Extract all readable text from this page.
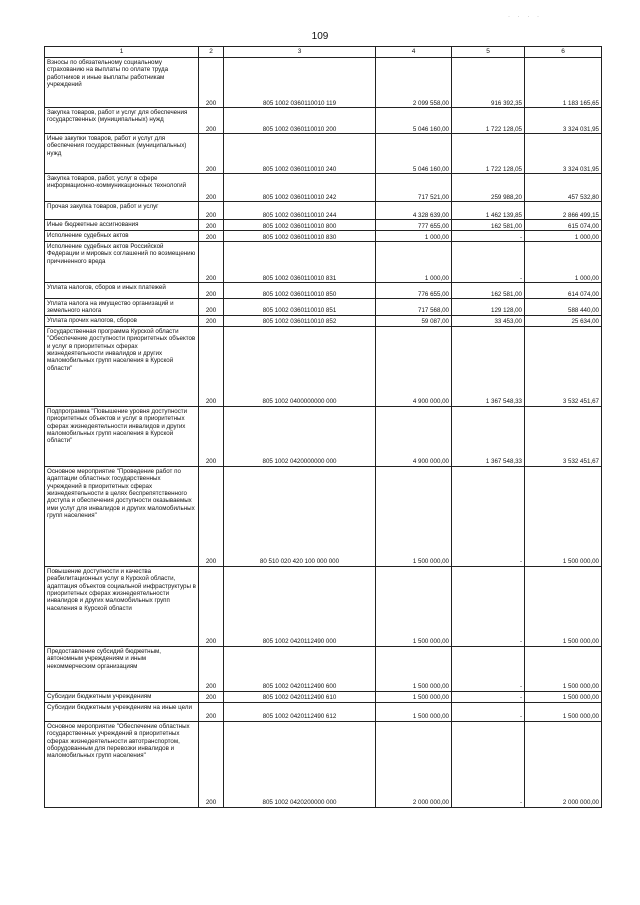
· · · ·
109
1	2	3	4	5	6
Взносы по обязательному социальному страхованию на выплаты по оплате труда работников и иные выплаты работникам учреждений	200	805 1002 0360110010 119	2 099 558,00	916 392,35	1 183 165,65
Закупка товаров, работ и услуг для обеспечения государственных (муниципальных) нужд	200	805 1002 0360110010 200	5 046 160,00	1 722 128,05	3 324 031,95
Иные закупки товаров, работ и услуг для обеспечения государственных (муниципальных) нужд	200	805 1002 0360110010 240	5 046 160,00	1 722 128,05	3 324 031,95
Закупка товаров, работ, услуг в сфере информационно-коммуникационных технологий	200	805 1002 0360110010 242	717 521,00	259 988,20	457 532,80
Прочая закупка товаров, работ и услуг	200	805 1002 0360110010 244	4 328 639,00	1 462 139,85	2 866 499,15
Иные бюджетные ассигнования	200	805 1002 0360110010 800	777 655,00	162 581,00	615 074,00
Исполнение судебных актов	200	805 1002 0360110010 830	1 000,00	-	1 000,00
Исполнение судебных актов Российской Федерации и мировых соглашений по возмещению причиненного вреда	200	805 1002 0360110010 831	1 000,00	-	1 000,00
Уплата налогов, сборов и иных платежей	200	805 1002 0360110010 850	776 655,00	162 581,00	614 074,00
Уплата налога на имущество организаций и земельного налога	200	805 1002 0360110010 851	717 568,00	129 128,00	588 440,00
Уплата прочих налогов, сборов	200	805 1002 0360110010 852	59 087,00	33 453,00	25 634,00
Государственная программа Курской области "Обеспечение доступности приоритетных объектов и услуг в приоритетных сферах жизнедеятельности инвалидов и других маломобильных групп населения в Курской области"	200	805 1002 0400000000 000	4 900 000,00	1 367 548,33	3 532 451,67
Подпрограмма "Повышение уровня доступности приоритетных объектов и услуг в приоритетных сферах жизнедеятельности инвалидов и других маломобильных групп населения в Курской области"	200	805 1002 0420000000 000	4 900 000,00	1 367 548,33	3 532 451,67
Основное мероприятие "Проведение работ по адаптации областных государственных учреждений в приоритетных сферах жизнедеятельности в целях беспрепятственного доступа и обеспечения доступности оказываемых ими услуг для инвалидов и других маломобильных групп населения"	200	80 510 020 420 100 000 000	1 500 000,00	-	1 500 000,00
Повышение доступности и качества реабилитационных услуг в Курской области, адаптация объектов социальной инфраструктуры в приоритетных сферах жизнедеятельности инвалидов и других маломобильных групп населения в Курской области	200	805 1002 0420112490 000	1 500 000,00	-	1 500 000,00
Предоставление субсидий бюджетным, автономным учреждениям и иным некоммерческим организациям	200	805 1002 0420112490 600	1 500 000,00	-	1 500 000,00
Субсидии бюджетным учреждениям	200	805 1002 0420112490 610	1 500 000,00	-	1 500 000,00
Субсидии бюджетным учреждениям на иные цели	200	805 1002 0420112490 612	1 500 000,00	-	1 500 000,00
Основное мероприятие "Обеспечение областных государственных учреждений в приоритетных сферах жизнедеятельности автотранспортом, оборудованным для перевозки инвалидов и маломобильных групп населения"	200	805 1002 0420200000 000	2 000 000,00	-	2 000 000,00
